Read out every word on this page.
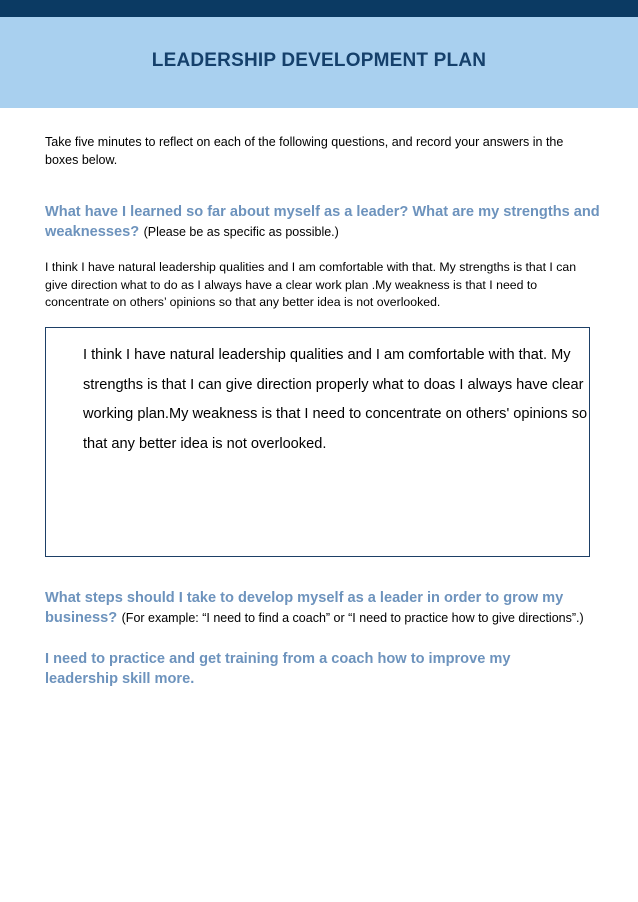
LEADERSHIP DEVELOPMENT PLAN
Take five minutes to reflect on each of the following questions, and record your answers in the boxes below.
What have I learned so far about myself as a leader? What are my strengths and weaknesses? (Please be as specific as possible.)
I think I have natural leadership qualities and I am comfortable with that. My strengths is that I can give direction what to do as I always have a clear work plan .My weakness is that I need to concentrate on others’ opinions so that any better idea is not overlooked.
I think I have natural leadership qualities and I am comfortable with that. My strengths is that I can give direction properly what to doas I always have clear working plan.My weakness is that I need to concentrate on others' opinions so that any better idea is not overlooked.
What steps should I take to develop myself as a leader in order to grow my business? (For example: “I need to find a coach” or “I need to practice how to give directions”.)
I need to practice and get training from a coach how to improve my leadership skill more.
